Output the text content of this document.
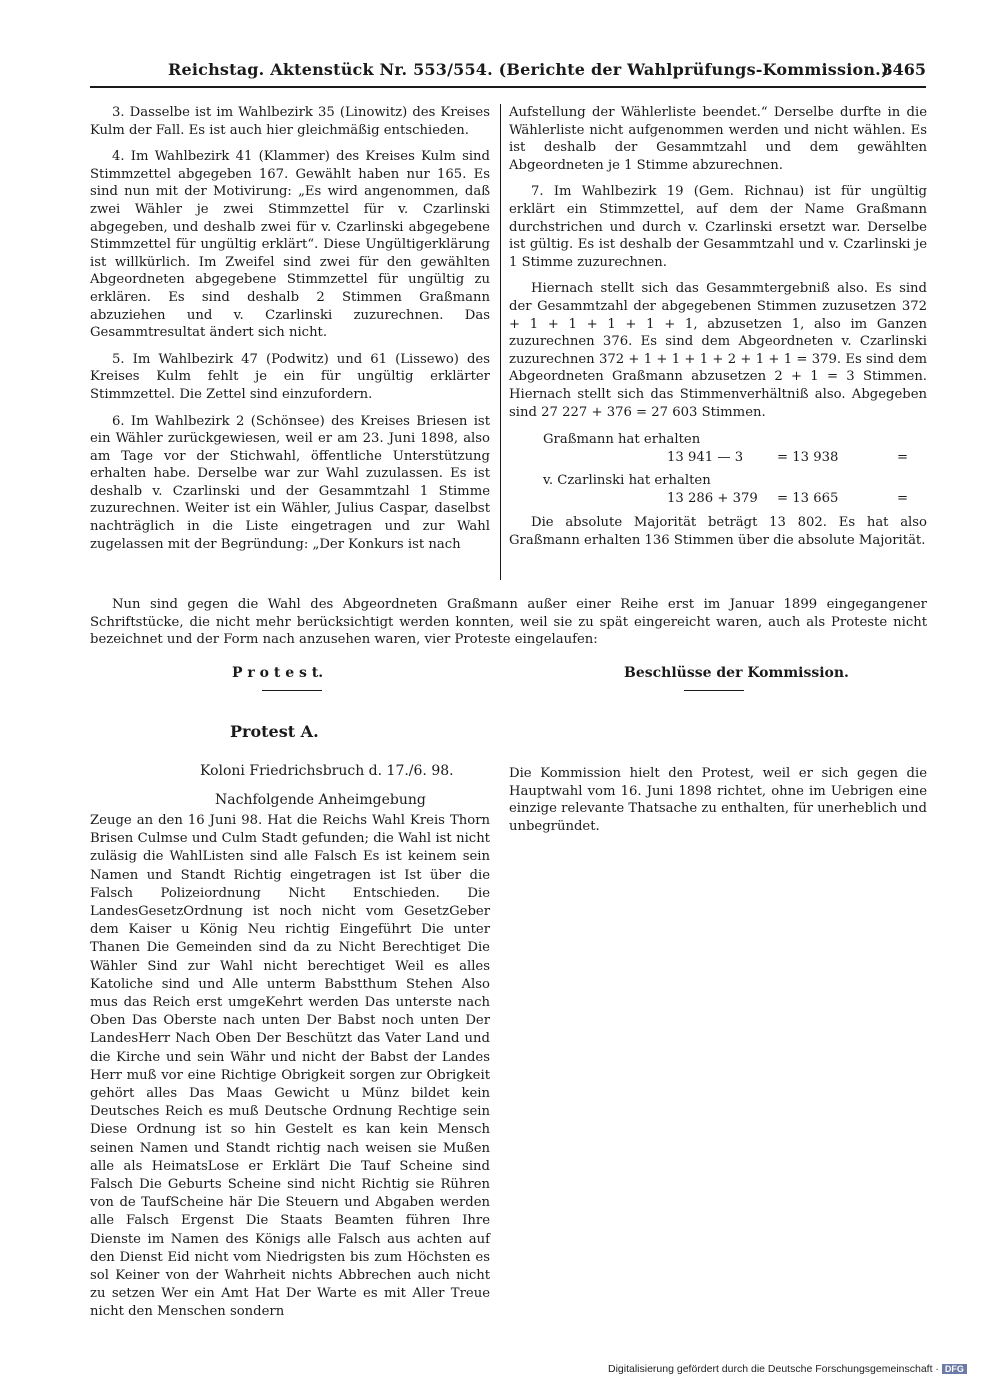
Reichstag. Aktenstück Nr. 553/554. (Berichte der Wahlprüfungs-Kommission.)
3465

3. Dasselbe ist im Wahlbezirk 35 (Linowitz) des Kreises Kulm der Fall. Es ist auch hier gleichmäßig entschieden.

4. Im Wahlbezirk 41 (Klammer) des Kreises Kulm sind Stimmzettel abgegeben 167. Gewählt haben nur 165. Es sind nun mit der Motivirung: „Es wird angenommen, daß zwei Wähler je zwei Stimmzettel für v. Czarlinski abgegeben, und deshalb zwei für v. Czarlinski abgegebene Stimmzettel für ungültig erklärt“. Diese Ungültigerklärung ist willkürlich. Im Zweifel sind zwei für den gewählten Abgeordneten abgegebene Stimmzettel für ungültig zu erklären. Es sind deshalb 2 Stimmen Graßmann abzuziehen und v. Czarlinski zuzurechnen. Das Gesammtresultat ändert sich nicht.

5. Im Wahlbezirk 47 (Podwitz) und 61 (Lissewo) des Kreises Kulm fehlt je ein für ungültig erklärter Stimmzettel. Die Zettel sind einzufordern.

6. Im Wahlbezirk 2 (Schönsee) des Kreises Briesen ist ein Wähler zurückgewiesen, weil er am 23. Juni 1898, also am Tage vor der Stichwahl, öffentliche Unterstützung erhalten habe. Derselbe war zur Wahl zuzulassen. Es ist deshalb v. Czarlinski und der Gesammtzahl 1 Stimme zuzurechnen. Weiter ist ein Wähler, Julius Caspar, daselbst nachträglich in die Liste eingetragen und zur Wahl zugelassen mit der Begründung: „Der Konkurs ist nach

Aufstellung der Wählerliste beendet.“ Derselbe durfte in die Wählerliste nicht aufgenommen werden und nicht wählen. Es ist deshalb der Gesammtzahl und dem gewählten Abgeordneten je 1 Stimme abzurechnen.

7. Im Wahlbezirk 19 (Gem. Richnau) ist für ungültig erklärt ein Stimmzettel, auf dem der Name Graßmann durchstrichen und durch v. Czarlinski ersetzt war. Derselbe ist gültig. Es ist deshalb der Gesammtzahl und v. Czarlinski je 1 Stimme zuzurechnen.

Hiernach stellt sich das Gesammtergebniß also. Es sind der Gesammtzahl der abgegebenen Stimmen zuzusetzen 372 + 1 + 1 + 1 + 1 + 1, abzusetzen 1, also im Ganzen zuzurechnen 376. Es sind dem Abgeordneten v. Czarlinski zuzurechnen 372 + 1 + 1 + 1 + 2 + 1 + 1 = 379. Es sind dem Abgeordneten Graßmann abzusetzen 2 + 1 = 3 Stimmen. Hiernach stellt sich das Stimmenverhältniß also. Abgegeben sind 27 227 + 376 = 27 603 Stimmen.

Graßmann hat erhalten
13 941 — 3	= 13 938	=
v. Czarlinski hat erhalten
13 286 + 379 = 13 665	=

Die absolute Majorität beträgt 13 802. Es hat also Graßmann erhalten 136 Stimmen über die absolute Majorität.

Nun sind gegen die Wahl des Abgeordneten Graßmann außer einer Reihe erst im Januar 1899 eingegangener Schriftstücke, die nicht mehr berücksichtigt werden konnten, weil sie zu spät eingereicht waren, auch als Proteste nicht bezeichnet und der Form nach anzusehen waren, vier Proteste eingelaufen:

P r o t e s t.	Beschlüsse der Kommission.
Protest A.
Koloni Friedrichsbruch d. 17./6. 98.
Nachfolgende Anheimgebung

Zeuge an den 16 Juni 98. Hat die Reichs Wahl Kreis Thorn Brisen Culmse und Culm Stadt gefunden; die Wahl ist nicht zuläsig die WahlListen sind alle Falsch Es ist keinem sein Namen und Standt Richtig eingetragen ist Ist über die Falsch Polizeiordnung Nicht Entschieden. Die LandesGesetzOrdnung ist noch nicht vom GesetzGeber dem Kaiser u König Neu richtig Eingeführt Die unter Thanen Die Gemeinden sind da zu Nicht Berechtiget Die Wähler Sind zur Wahl nicht berechtiget Weil es alles Katoliche sind und Alle unterm Babstthum Stehen Also mus das Reich erst umgeKehrt werden Das unterste nach Oben Das Oberste nach unten Der Babst noch unten Der LandesHerr Nach Oben Der Beschützt das Vater Land und die Kirche und sein Währ und nicht der Babst der Landes Herr muß vor eine Richtige Obrigkeit sorgen zur Obrigkeit gehört alles Das Maas Gewicht u Münz bildet kein Deutsches Reich es muß Deutsche Ordnung Rechtige sein Diese Ordnung ist so hin Gestelt es kan kein Mensch seinen Namen und Standt richtig nach weisen sie Mußen alle als HeimatsLose er Erklärt Die Tauf Scheine sind Falsch Die Geburts Scheine sind nicht Richtig sie Rühren von de TaufScheine här Die Steuern und Abgaben werden alle Falsch Ergenst Die Staats Beamten führen Ihre Dienste im Namen des Königs alle Falsch aus achten auf den Dienst Eid nicht vom Niedrigsten bis zum Höchsten es sol Keiner von der Wahrheit nichts Abbrechen auch nicht zu setzen Wer ein Amt Hat Der Warte es mit Aller Treue nicht den Menschen sondern

Die Kommission hielt den Protest, weil er sich gegen die Hauptwahl vom 16. Juni 1898 richtet, ohne im Uebrigen eine einzige relevante Thatsache zu enthalten, für unerheblich und unbegründet.

Digitalisierung gefördert durch die Deutsche Forschungsgemeinschaft · DFG
